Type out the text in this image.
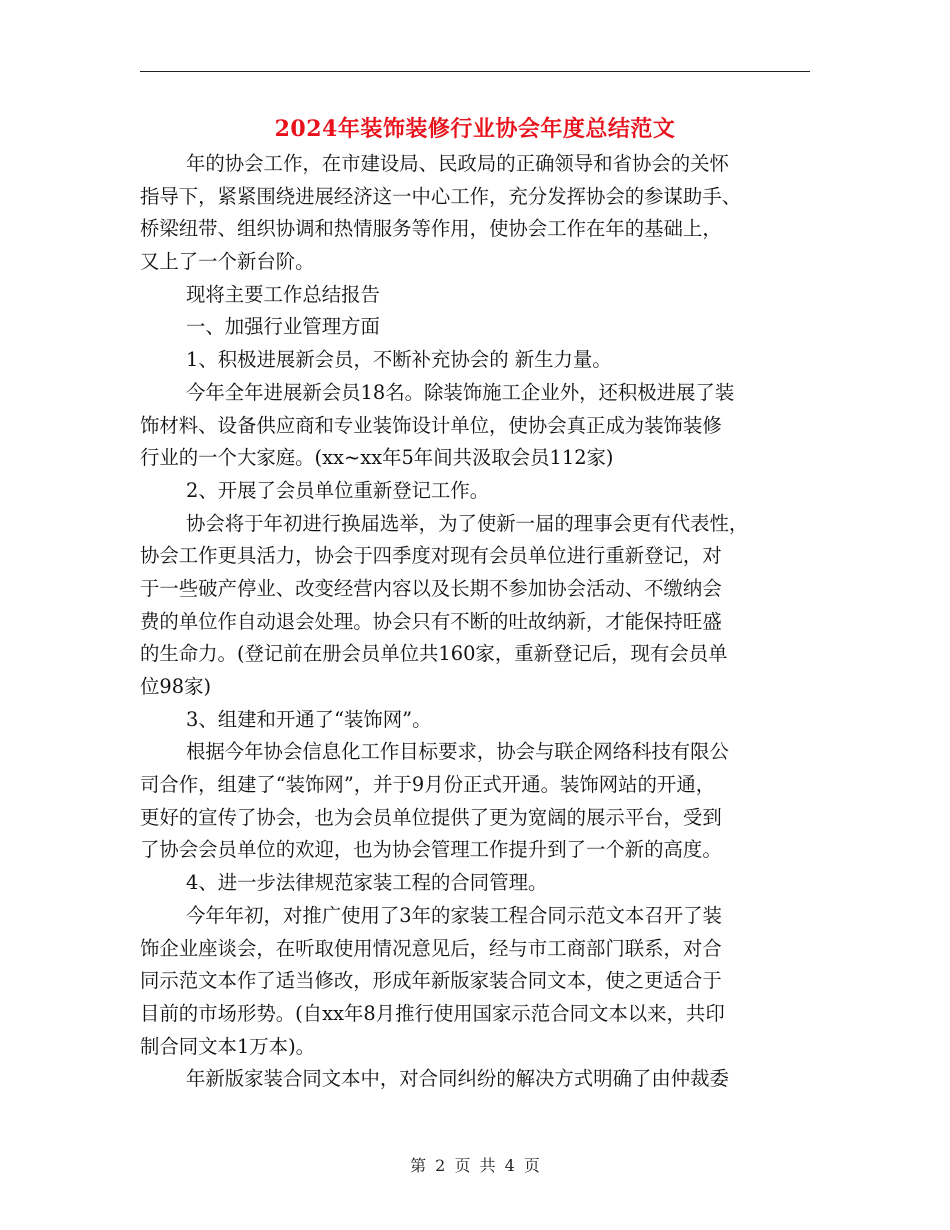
2024年装饰装修行业协会年度总结范文
年的协会工作，在市建设局、民政局的正确领导和省协会的关怀
指导下，紧紧围绕进展经济这一中心工作，充分发挥协会的参谋助手、
桥梁纽带、组织协调和热情服务等作用，使协会工作在年的基础上，
又上了一个新台阶。
现将主要工作总结报告
一、加强行业管理方面
1、积极进展新会员，不断补充协会的 新生力量。
今年全年进展新会员18名。除装饰施工企业外，还积极进展了装
饰材料、设备供应商和专业装饰设计单位，使协会真正成为装饰装修
行业的一个大家庭。(xx~xx年5年间共汲取会员112家)
2、开展了会员单位重新登记工作。
协会将于年初进行换届选举，为了使新一届的理事会更有代表性，
协会工作更具活力，协会于四季度对现有会员单位进行重新登记，对
于一些破产停业、改变经营内容以及长期不参加协会活动、不缴纳会
费的单位作自动退会处理。协会只有不断的吐故纳新，才能保持旺盛
的生命力。(登记前在册会员单位共160家，重新登记后，现有会员单
位98家)
3、组建和开通了“装饰网”。
根据今年协会信息化工作目标要求，协会与联企网络科技有限公
司合作，组建了“装饰网”，并于9月份正式开通。装饰网站的开通，
更好的宣传了协会，也为会员单位提供了更为宽阔的展示平台，受到
了协会会员单位的欢迎，也为协会管理工作提升到了一个新的高度。
4、进一步法律规范家装工程的合同管理。
今年年初，对推广使用了3年的家装工程合同示范文本召开了装
饰企业座谈会，在听取使用情况意见后，经与市工商部门联系，对合
同示范文本作了适当修改，形成年新版家装合同文本，使之更适合于
目前的市场形势。(自xx年8月推行使用国家示范合同文本以来，共印
制合同文本1万本)。
年新版家装合同文本中，对合同纠纷的解决方式明确了由仲裁委
第 2 页 共 4 页
